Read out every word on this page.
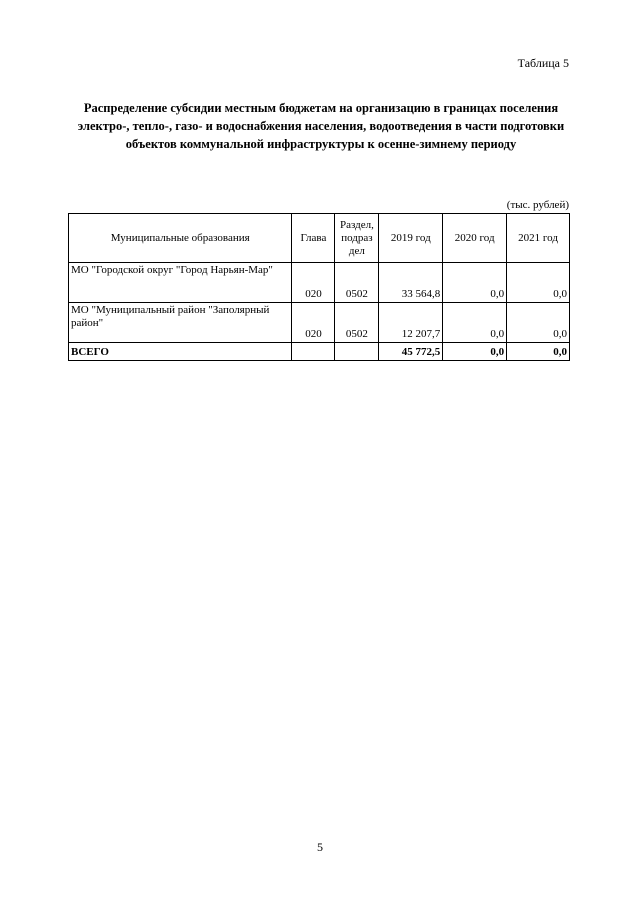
Таблица 5
Распределение субсидии местным бюджетам на организацию в границах поселения электро-, тепло-, газо- и водоснабжения населения, водоотведения в части подготовки объектов коммунальной инфраструктуры к осенне-зимнему периоду
(тыс. рублей)
Муниципальные образования	Глава	Раздел, подраз дел	2019 год	2020 год	2021 год
МО "Городской округ "Город Нарьян-Мар"	020	0502	33 564,8	0,0	0,0
МО "Муниципальный район "Заполярный район"	020	0502	12 207,7	0,0	0,0
ВСЕГО			45 772,5	0,0	0,0
5
